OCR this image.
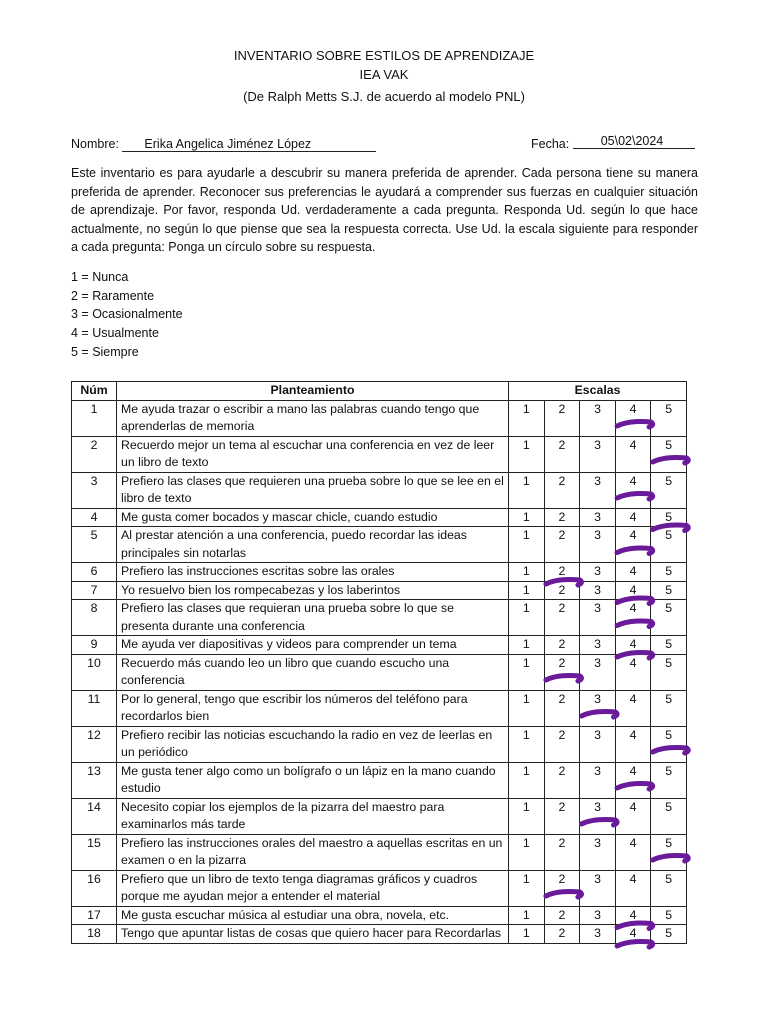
INVENTARIO SOBRE ESTILOS DE APRENDIZAJE
IEA VAK
(De Ralph Metts S.J. de acuerdo al modelo PNL)
Nombre: Erika Angelica Jiménez López	Fecha:	05\02\2024
Este inventario es para ayudarle a descubrir su manera preferida de aprender. Cada persona tiene su manera preferida de aprender. Reconocer sus preferencias le ayudará a comprender sus fuerzas en cualquier situación de aprendizaje. Por favor, responda Ud. verdaderamente a cada pregunta. Responda Ud. según lo que hace actualmente, no según lo que piense que sea la respuesta correcta. Use Ud. la escala siguiente para responder a cada pregunta: Ponga un círculo sobre su respuesta.
1 = Nunca
2 = Raramente
3 = Ocasionalmente
4 = Usualmente
5 = Siempre
Núm	Planteamiento	Escalas				
1	Me ayuda trazar o escribir a mano las palabras cuando tengo que aprenderlas de memoria	1	2	3	4	5
2	Recuerdo mejor un tema al escuchar una conferencia en vez de leer un libro de texto	1	2	3	4	5
3	Prefiero las clases que requieren una prueba sobre lo que se lee en el libro de texto	1	2	3	4	5
4	Me gusta comer bocados y mascar chicle, cuando estudio	1	2	3	4	5
5	Al prestar atención a una conferencia, puedo recordar las ideas principales sin notarlas	1	2	3	4	5
6	Prefiero las instrucciones escritas sobre las orales	1	2	3	4	5
7	Yo resuelvo bien los rompecabezas y los laberintos	1	2	3	4	5
8	Prefiero las clases que requieran una prueba sobre lo que se presenta durante una conferencia	1	2	3	4	5
9	Me ayuda ver diapositivas y videos para comprender un tema	1	2	3	4	5
10	Recuerdo más cuando leo un libro que cuando escucho una conferencia	1	2	3	4	5
11	Por lo general, tengo que escribir los números del teléfono para recordarlos bien	1	2	3	4	5
12	Prefiero recibir las noticias escuchando la radio en vez de leerlas en un periódico	1	2	3	4	5
13	Me gusta tener algo como un bolígrafo o un lápiz en la mano cuando estudio	1	2	3	4	5
14	Necesito copiar los ejemplos de la pizarra del maestro para examinarlos más tarde	1	2	3	4	5
15	Prefiero las instrucciones orales del maestro a aquellas escritas en un examen o en la pizarra	1	2	3	4	5
16	Prefiero que un libro de texto tenga diagramas gráficos y cuadros porque me ayudan mejor a entender el material	1	2	3	4	5
17	Me gusta escuchar música al estudiar una obra, novela, etc.	1	2	3	4	5
18	Tengo que apuntar listas de cosas que quiero hacer para Recordarlas	1	2	3	4	5
